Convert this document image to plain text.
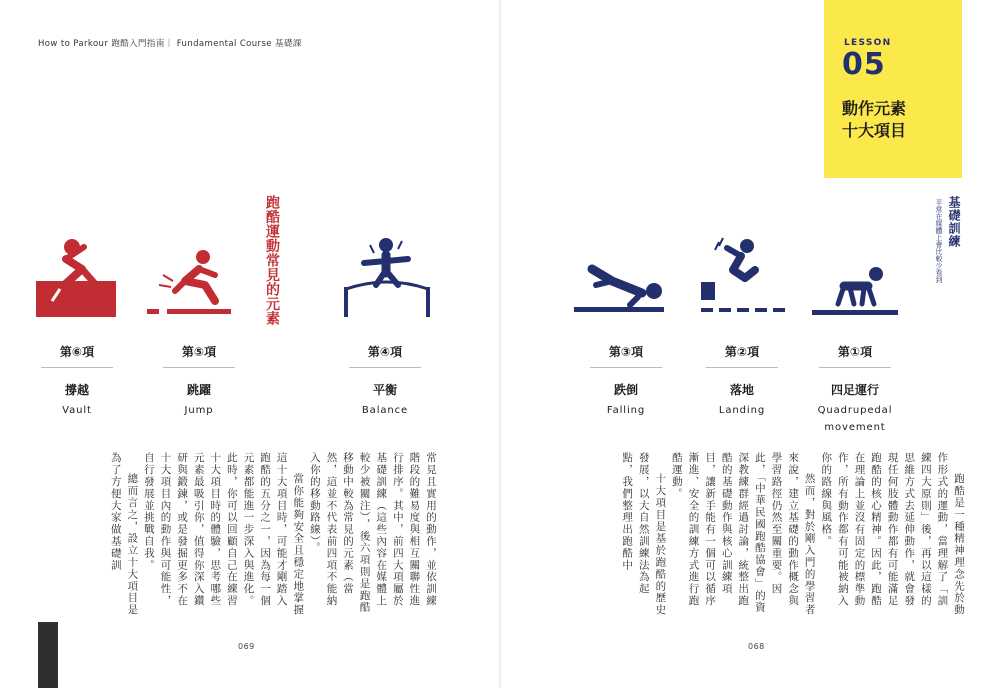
How to Parkour 跑酷入門指南｜ Fundamental Course 基礎課	LESSON
05
動作元素
十大項目
跑酷運動常見的元素	基礎訓練
平常在媒體上會比較少看到
第⑥項
撐越
Vault
第⑤項
跳躍
Jump
第④項
平衡
Balance
第③項
跌倒
Falling
第②項
落地
Landing
第①項
四足運行
Quadrupedal movement
跑酷是一種精神理念先於動作形式的運動，當理解了「訓練四大原則」後，再以這樣的思維方式去延伸動作，就會發現任何肢體動作都有可能滿足跑酷的核心精神。因此，跑酷在理論上並沒有固定的標準動作，所有動作都有可能被納入你的路線與風格。
然而，對於剛入門的學習者來說，建立基礎的動作概念與學習路徑仍然至關重要。因此，「中華民國跑酷協會」的資深教練群經過討論，統整出跑酷的基礎動作與核心訓練項目，讓新手能有一個可以循序漸進、安全的訓練方式進行跑酷運動。
十大項目是基於跑酷的歷史發展，以大自然訓練法為起點，我們整理出跑酷中
常見且實用的動作，並依訓練階段的難易度與相互關聯性進行排序。其中，前四大項屬於基礎訓練（這些內容在媒體上較少被關注），後六項則是跑酷移動中較為常見的元素（當然，這並不代表前四項不能納入你的移動路線）。
當你能夠安全且穩定地掌握這十大項目時，可能才剛踏入跑酷的五分之一，因為每一個元素都能進一步深入與進化。此時，你可以回顧自己在練習十大項目時的體驗，思考哪些元素最吸引你，值得你深入鑽研與鍛鍊，或是發掘更多不在十大項目內的動作與可能性，自行發展並挑戰自我。
總而言之，設立十大項目是為了方便大家做基礎訓
069	068
